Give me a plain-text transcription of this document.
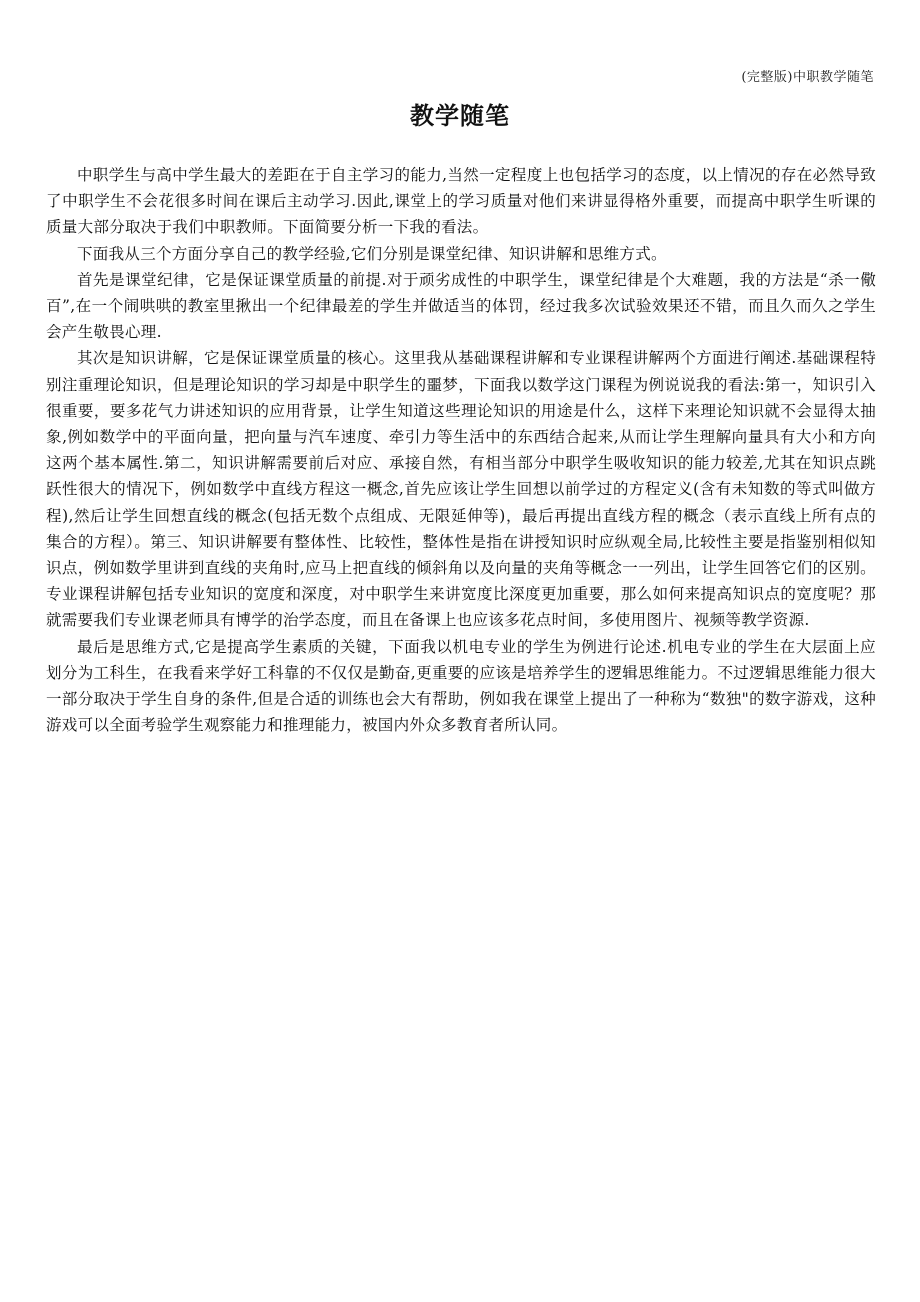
(完整版)中职教学随笔
教学随笔

中职学生与高中学生最大的差距在于自主学习的能力,当然一定程度上也包括学习的态度，以上情况的存在必然导致了中职学生不会花很多时间在课后主动学习.因此,课堂上的学习质量对他们来讲显得格外重要，而提高中职学生听课的质量大部分取决于我们中职教师。下面简要分析一下我的看法。

下面我从三个方面分享自己的教学经验,它们分别是课堂纪律、知识讲解和思维方式。

首先是课堂纪律，它是保证课堂质量的前提.对于顽劣成性的中职学生，课堂纪律是个大难题，我的方法是“杀一儆百”,在一个闹哄哄的教室里揪出一个纪律最差的学生并做适当的体罚，经过我多次试验效果还不错，而且久而久之学生会产生敬畏心理.

其次是知识讲解，它是保证课堂质量的核心。这里我从基础课程讲解和专业课程讲解两个方面进行阐述.基础课程特别注重理论知识，但是理论知识的学习却是中职学生的噩梦，下面我以数学这门课程为例说说我的看法:第一，知识引入很重要，要多花气力讲述知识的应用背景，让学生知道这些理论知识的用途是什么，这样下来理论知识就不会显得太抽象,例如数学中的平面向量，把向量与汽车速度、牵引力等生活中的东西结合起来,从而让学生理解向量具有大小和方向这两个基本属性.第二，知识讲解需要前后对应、承接自然，有相当部分中职学生吸收知识的能力较差,尤其在知识点跳跃性很大的情况下，例如数学中直线方程这一概念,首先应该让学生回想以前学过的方程定义(含有未知数的等式叫做方程),然后让学生回想直线的概念(包括无数个点组成、无限延伸等)，最后再提出直线方程的概念（表示直线上所有点的集合的方程）。第三、知识讲解要有整体性、比较性，整体性是指在讲授知识时应纵观全局,比较性主要是指鉴别相似知识点，例如数学里讲到直线的夹角时,应马上把直线的倾斜角以及向量的夹角等概念一一列出，让学生回答它们的区别。专业课程讲解包括专业知识的宽度和深度，对中职学生来讲宽度比深度更加重要，那么如何来提高知识点的宽度呢？那就需要我们专业课老师具有博学的治学态度，而且在备课上也应该多花点时间，多使用图片、视频等教学资源.

最后是思维方式,它是提高学生素质的关键，下面我以机电专业的学生为例进行论述.机电专业的学生在大层面上应划分为工科生，在我看来学好工科靠的不仅仅是勤奋,更重要的应该是培养学生的逻辑思维能力。不过逻辑思维能力很大一部分取决于学生自身的条件,但是合适的训练也会大有帮助，例如我在课堂上提出了一种称为“数独"的数字游戏，这种游戏可以全面考验学生观察能力和推理能力，被国内外众多教育者所认同。
